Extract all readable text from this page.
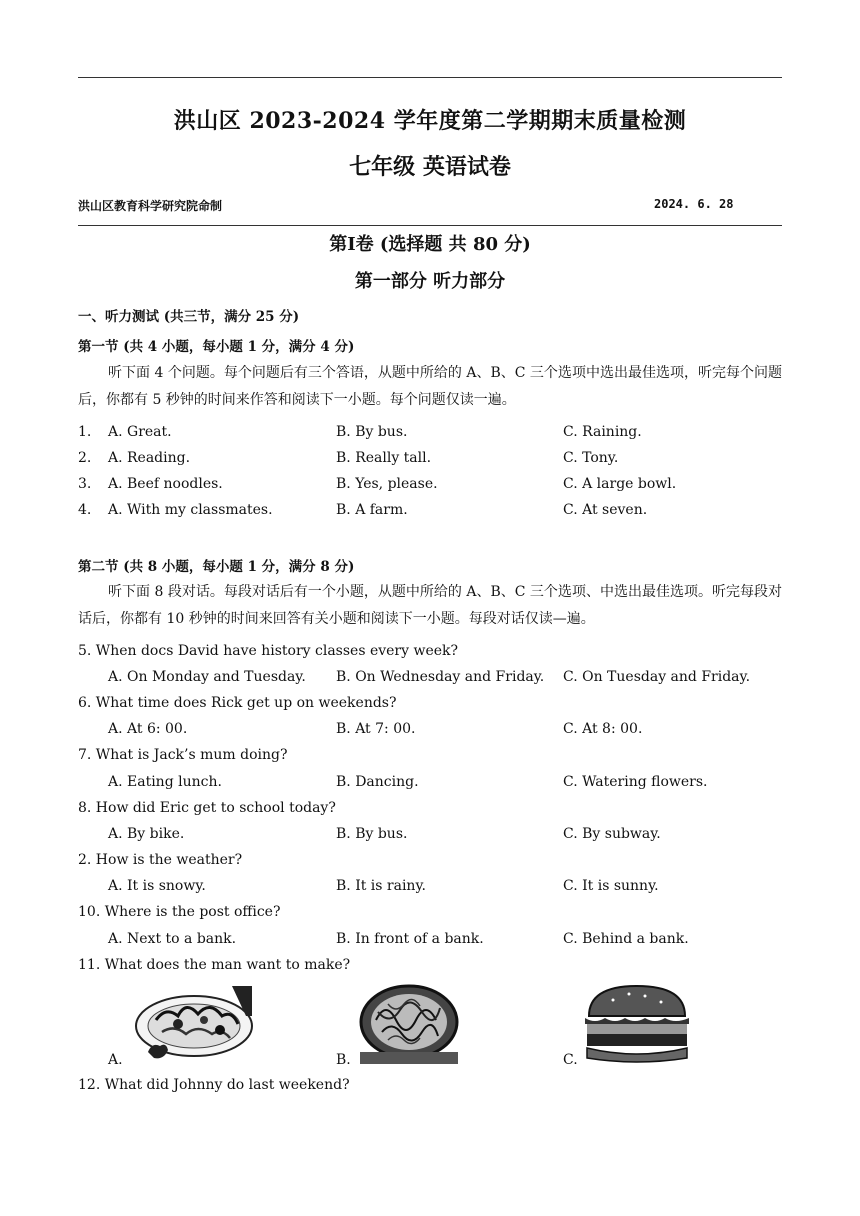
洪山区 2023-2024 学年度第二学期期末质量检测
七年级 英语试卷
洪山区教育科学研究院命制	2024. 6. 28
第Ⅰ卷 (选择题 共 80 分)
第一部分 听力部分
一、听力测试 (共三节，满分 25 分)
第一节 (共 4 小题，每小题 1 分，满分 4 分)
听下面 4 个问题。每个问题后有三个答语，从题中所给的 A、B、C 三个选项中选出最佳选项，听完每个问题后，你都有 5 秒钟的时间来作答和阅读下一小题。每个问题仅读一遍。
1. A. Great.	B. By bus.	C. Raining.
2. A. Reading.	B. Really tall.	C. Tony.
3. A. Beef noodles.	B. Yes, please.	C. A large bowl.
4. A. With my classmates.	B. A farm.	C. At seven.
第二节 (共 8 小题，每小题 1 分，满分 8 分)
听下面 8 段对话。每段对话后有一个小题，从题中所给的 A、B、C 三个选项、中选出最佳选项。听完每段对话后，你都有 10 秒钟的时间来回答有关小题和阅读下一小题。每段对话仅读—遍。
5. When docs David have history classes every week?
A. On Monday and Tuesday. B. On Wednesday and Friday. C. On Tuesday and Friday.
6. What time does Rick get up on weekends?
A. At 6: 00.	B. At 7: 00.	C. At 8: 00.
7. What is Jack’s mum doing?
A. Eating lunch.	B. Dancing.	C. Watering flowers.
8. How did Eric get to school today?
A. By bike.	B. By bus.	C. By subway.
2. How is the weather?
A. It is snowy.	B. It is rainy.	C. It is sunny.
10. Where is the post office?
A. Next to a bank.	B. In front of a bank.	C. Behind a bank.
11. What does the man want to make?
A.	B.	C.
12. What did Johnny do last weekend?
